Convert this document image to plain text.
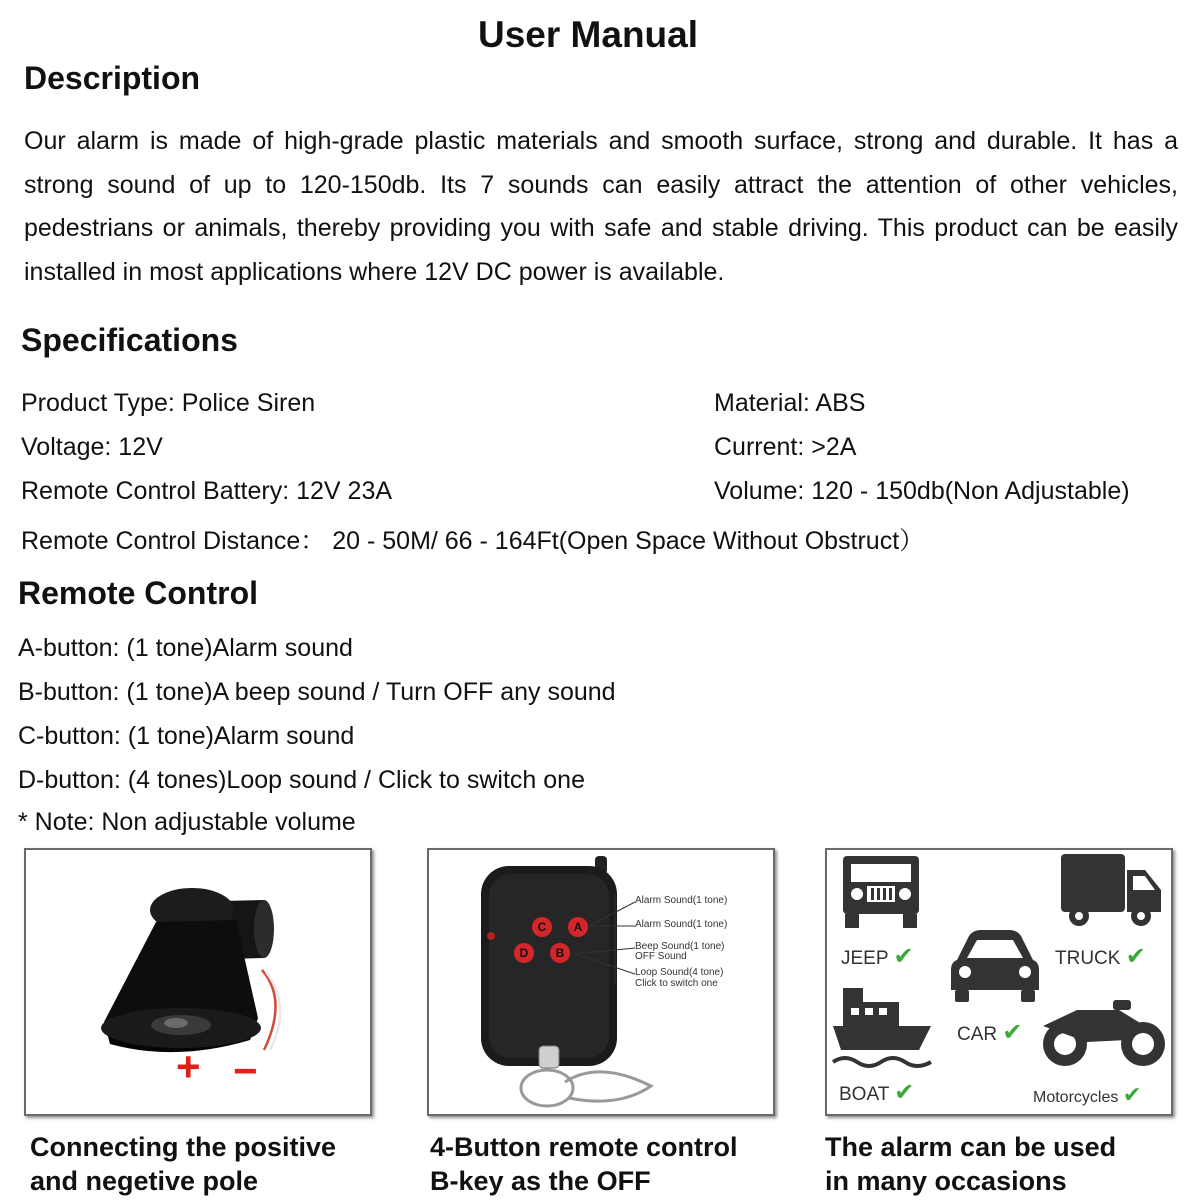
User Manual
Description

Our alarm is made of high-grade plastic materials and smooth surface, strong and durable. It has a strong sound of up to 120-150db. Its 7 sounds can easily attract the attention of other vehicles, pedestrians or animals, thereby providing you with safe and stable driving. This product can be easily installed in most applications where 12V DC power is available.

Specifications
Product Type: Police Siren	Material: ABS
Voltage: 12V	Current: >2A
Remote Control Battery: 12V 23A	Volume: 120 - 150db(Non Adjustable)
Remote Control Distance： 20 - 50M/ 66 - 164Ft(Open Space Without Obstruct）
Remote Control
A-button: (1 tone)Alarm sound
B-button: (1 tone)A beep sound / Turn OFF any sound
C-button: (1 tone)Alarm sound
D-button: (4 tones)Loop sound / Click to switch one
* Note: Non adjustable volume
+ −
C	A
D	B
Alarm Sound(1 tone)
Alarm Sound(1 tone)
Beep Sound(1 tone)
OFF Sound
Loop Sound(4 tone)
Click to switch one
JEEP ✔	TRUCK ✔
CAR ✔
BOAT ✔	Motorcycles ✔
Connecting the positive
and negetive pole
4-Button remote control
B-key as the OFF
The alarm can be used
in many occasions
